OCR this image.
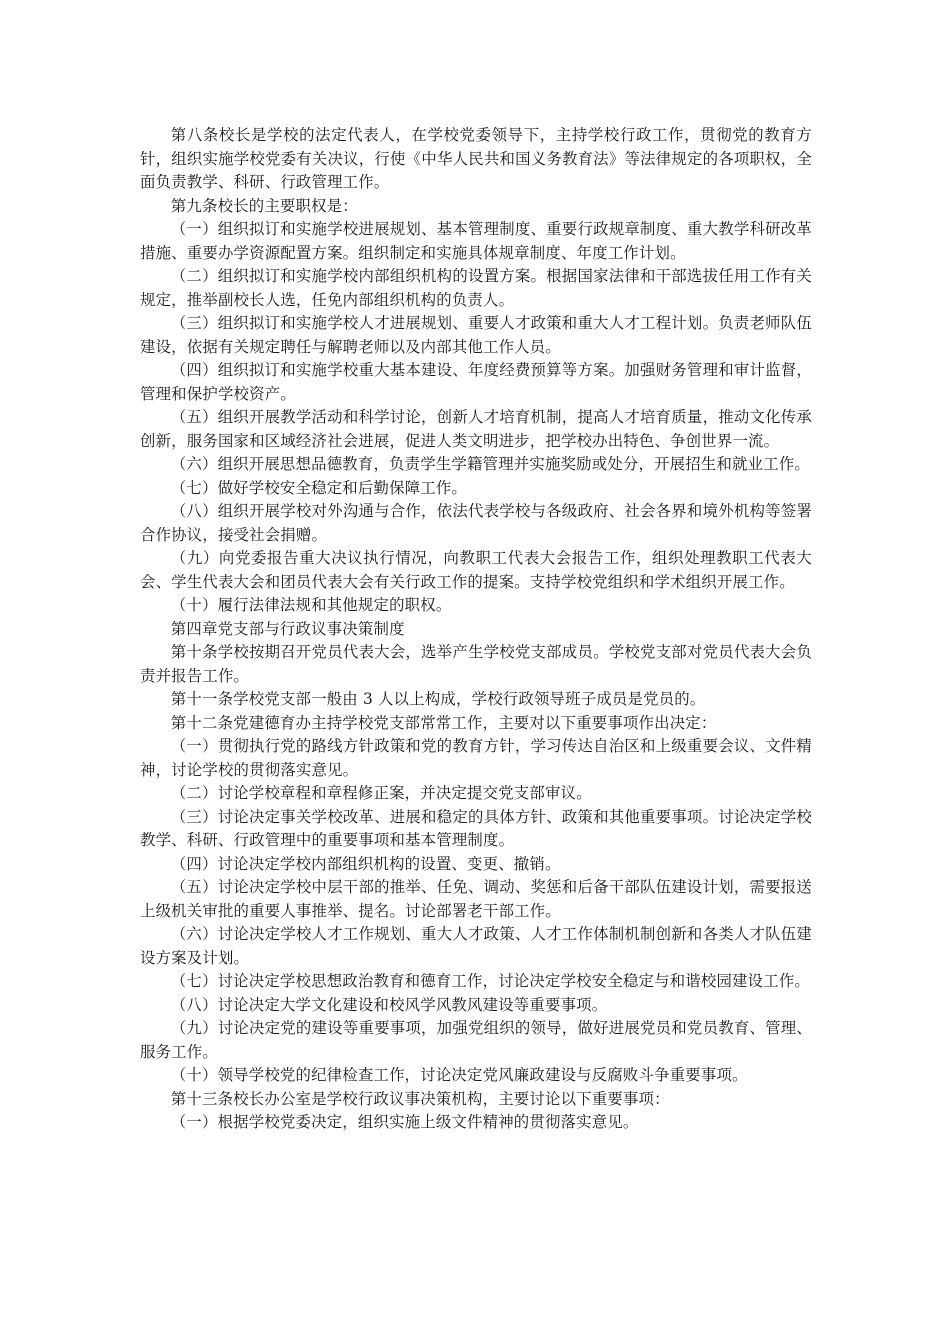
第八条校长是学校的法定代表人，在学校党委领导下，主持学校行政工作，贯彻党的教育方针，组织实施学校党委有关决议，行使《中华人民共和国义务教育法》等法律规定的各项职权，全面负责教学、科研、行政管理工作。

第九条校长的主要职权是：

（一）组织拟订和实施学校进展规划、基本管理制度、重要行政规章制度、重大教学科研改革措施、重要办学资源配置方案。组织制定和实施具体规章制度、年度工作计划。

（二）组织拟订和实施学校内部组织机构的设置方案。根据国家法律和干部选拔任用工作有关规定，推举副校长人选，任免内部组织机构的负责人。

（三）组织拟订和实施学校人才进展规划、重要人才政策和重大人才工程计划。负责老师队伍建设，依据有关规定聘任与解聘老师以及内部其他工作人员。

（四）组织拟订和实施学校重大基本建设、年度经费预算等方案。加强财务管理和审计监督，管理和保护学校资产。

（五）组织开展教学活动和科学讨论，创新人才培育机制，提高人才培育质量，推动文化传承创新，服务国家和区域经济社会进展，促进人类文明进步，把学校办出特色、争创世界一流。

（六）组织开展思想品德教育，负责学生学籍管理并实施奖励或处分，开展招生和就业工作。

（七）做好学校安全稳定和后勤保障工作。

（八）组织开展学校对外沟通与合作，依法代表学校与各级政府、社会各界和境外机构等签署合作协议，接受社会捐赠。

（九）向党委报告重大决议执行情况，向教职工代表大会报告工作，组织处理教职工代表大会、学生代表大会和团员代表大会有关行政工作的提案。支持学校党组织和学术组织开展工作。

（十）履行法律法规和其他规定的职权。

第四章党支部与行政议事决策制度

第十条学校按期召开党员代表大会，选举产生学校党支部成员。学校党支部对党员代表大会负责并报告工作。

第十一条学校党支部一般由 3 人以上构成，学校行政领导班子成员是党员的。

第十二条党建德育办主持学校党支部常常工作，主要对以下重要事项作出决定：

（一）贯彻执行党的路线方针政策和党的教育方针，学习传达自治区和上级重要会议、文件精神，讨论学校的贯彻落实意见。

（二）讨论学校章程和章程修正案，并决定提交党支部审议。

（三）讨论决定事关学校改革、进展和稳定的具体方针、政策和其他重要事项。讨论决定学校教学、科研、行政管理中的重要事项和基本管理制度。

（四）讨论决定学校内部组织机构的设置、变更、撤销。

（五）讨论决定学校中层干部的推举、任免、调动、奖惩和后备干部队伍建设计划，需要报送上级机关审批的重要人事推举、提名。讨论部署老干部工作。

（六）讨论决定学校人才工作规划、重大人才政策、人才工作体制机制创新和各类人才队伍建设方案及计划。

（七）讨论决定学校思想政治教育和德育工作，讨论决定学校安全稳定与和谐校园建设工作。

（八）讨论决定大学文化建设和校风学风教风建设等重要事项。

（九）讨论决定党的建设等重要事项，加强党组织的领导，做好进展党员和党员教育、管理、服务工作。

（十）领导学校党的纪律检查工作，讨论决定党风廉政建设与反腐败斗争重要事项。

第十三条校长办公室是学校行政议事决策机构，主要讨论以下重要事项：

（一）根据学校党委决定，组织实施上级文件精神的贯彻落实意见。
